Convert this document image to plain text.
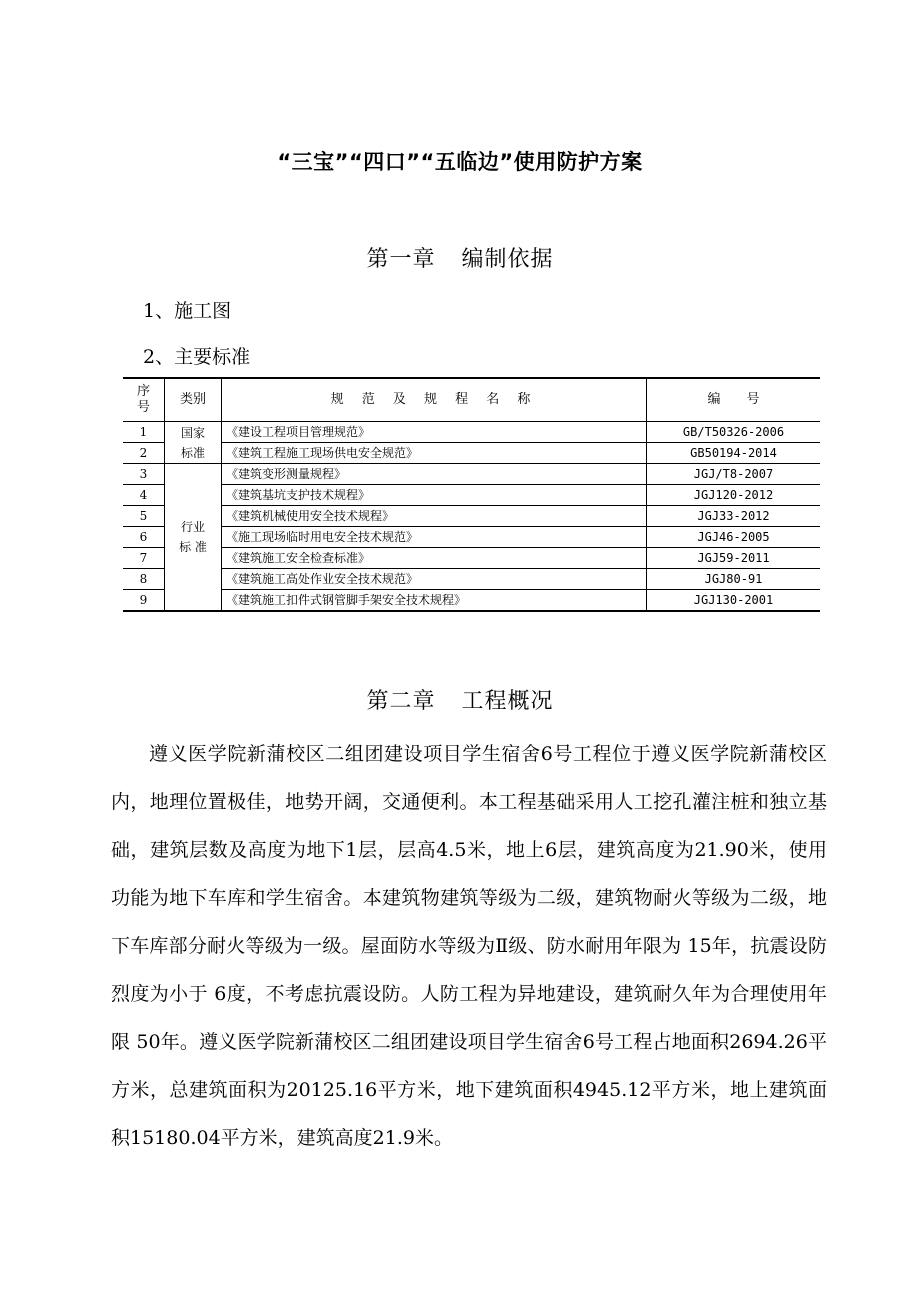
“三宝”“四口”“五临边”使用防护方案
第一章 编制依据
1、施工图
2、主要标准
序号	类别	规 范 及 规 程 名 称	编　　号
1	国家标准	《建设工程项目管理规范》	GB/T50326-2006
2		《建筑工程施工现场供电安全规范》	GB50194-2014
3	行业标 准	《建筑变形测量规程》	JGJ/T8-2007
4		《建筑基坑支护技术规程》	JGJ120-2012
5		《建筑机械使用安全技术规程》	JGJ33-2012
6		《施工现场临时用电安全技术规范》	JGJ46-2005
7		《建筑施工安全检查标准》	JGJ59-2011
8		《建筑施工高处作业安全技术规范》	JGJ80-91
9		《建筑施工扣件式钢管脚手架安全技术规程》	JGJ130-2001
第二章 工程概况

遵义医学院新蒲校区二组团建设项目学生宿舍6号工程位于遵义医学院新蒲校区内，地理位置极佳，地势开阔，交通便利。本工程基础采用人工挖孔灌注桩和独立基础，建筑层数及高度为地下1层，层高4.5米，地上6层，建筑高度为21.90米，使用功能为地下车库和学生宿舍。本建筑物建筑等级为二级，建筑物耐火等级为二级，地下车库部分耐火等级为一级。屋面防水等级为Ⅱ级、防水耐用年限为 15年，抗震设防烈度为小于 6度，不考虑抗震设防。人防工程为异地建设，建筑耐久年为合理使用年限 50年。遵义医学院新蒲校区二组团建设项目学生宿舍6号工程占地面积2694.26平方米，总建筑面积为20125.16平方米，地下建筑面积4945.12平方米，地上建筑面积15180.04平方米，建筑高度21.9米。
